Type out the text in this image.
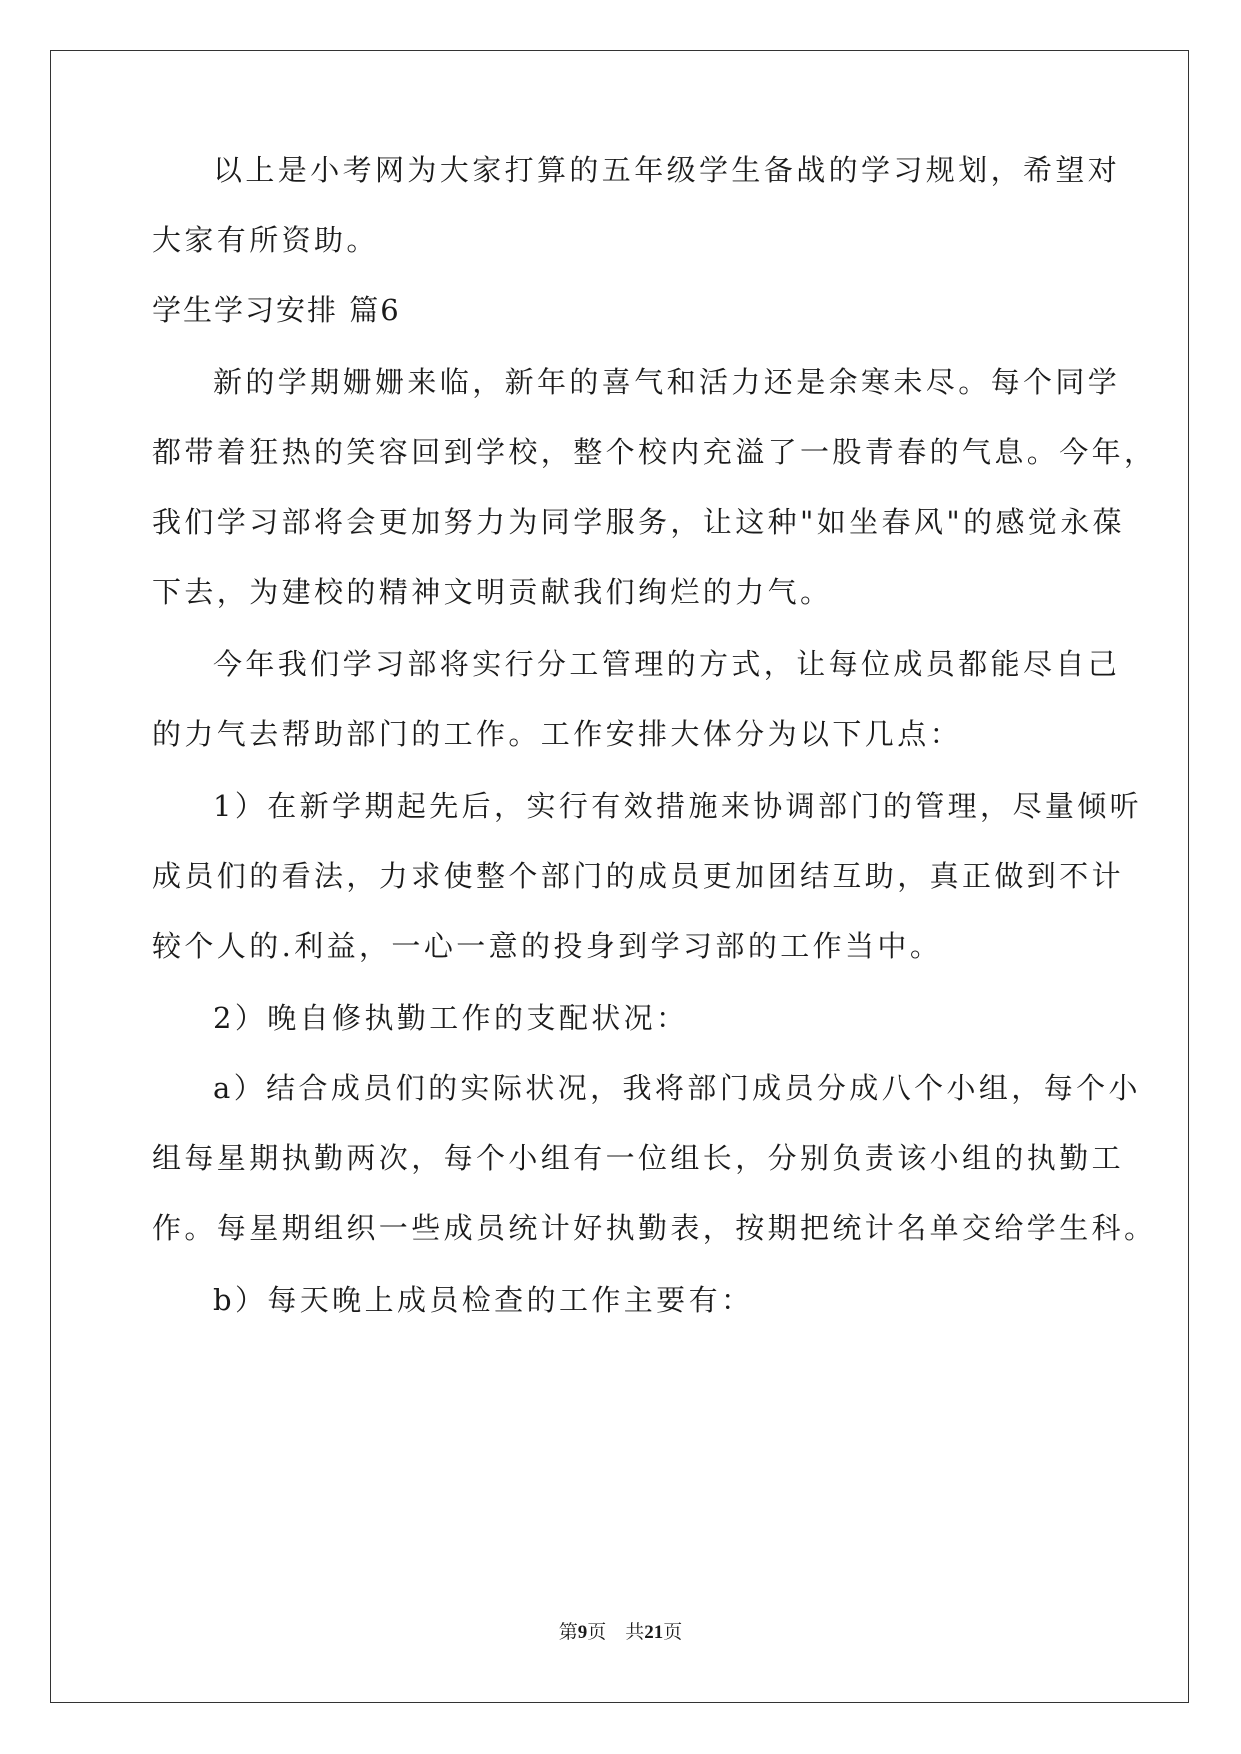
以上是小考网为大家打算的五年级学生备战的学习规划，希望对
大家有所资助。
学生学习安排 篇6
新的学期姗姗来临，新年的喜气和活力还是余寒未尽。每个同学
都带着狂热的笑容回到学校，整个校内充溢了一股青春的气息。今年，
我们学习部将会更加努力为同学服务，让这种"如坐春风"的感觉永葆
下去，为建校的精神文明贡献我们绚烂的力气。
今年我们学习部将实行分工管理的方式，让每位成员都能尽自己
的力气去帮助部门的工作。工作安排大体分为以下几点：
1）在新学期起先后，实行有效措施来协调部门的管理，尽量倾听
成员们的看法，力求使整个部门的成员更加团结互助，真正做到不计
较个人的.利益，一心一意的投身到学习部的工作当中。
2）晚自修执勤工作的支配状况：
a）结合成员们的实际状况，我将部门成员分成八个小组，每个小
组每星期执勤两次，每个小组有一位组长，分别负责该小组的执勤工
作。每星期组织一些成员统计好执勤表，按期把统计名单交给学生科。
b）每天晚上成员检查的工作主要有：
第9页　共21页
